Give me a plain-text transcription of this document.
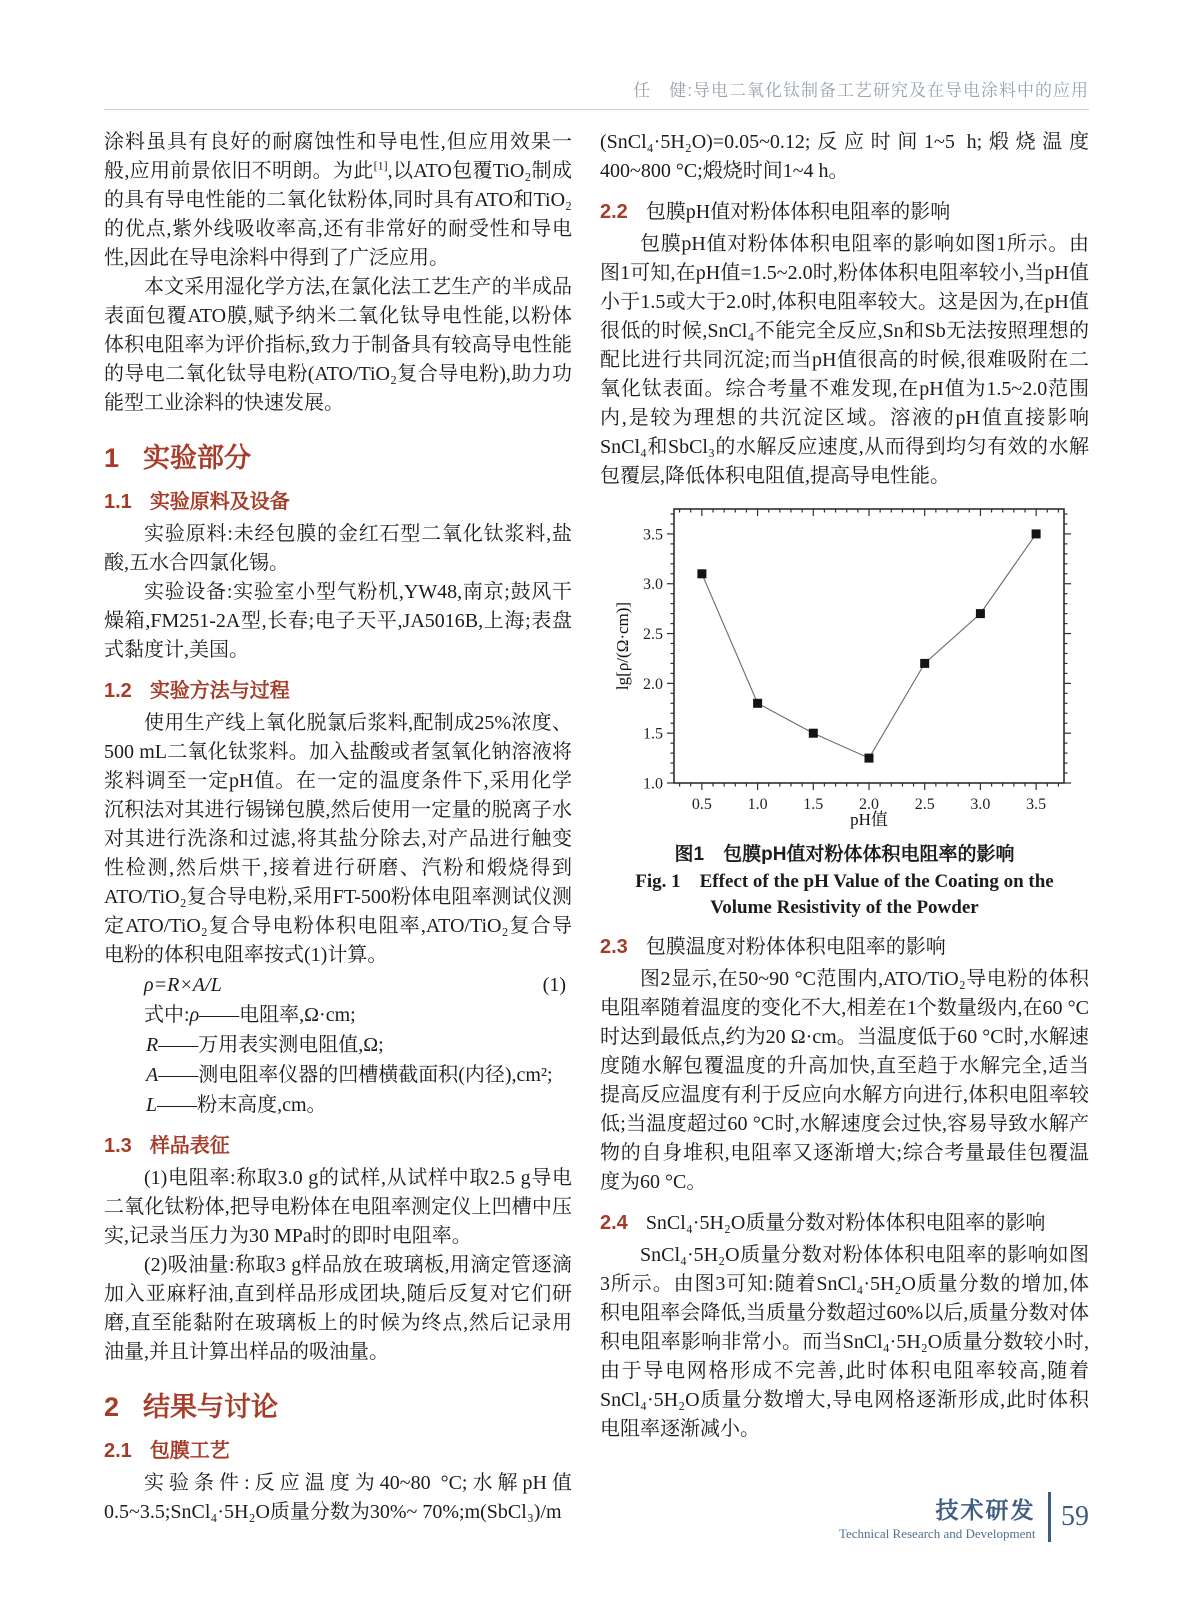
任　健:导电二氧化钛制备工艺研究及在导电涂料中的应用

涂料虽具有良好的耐腐蚀性和导电性,但应用效果一般,应用前景依旧不明朗。为此[1],以ATO包覆TiO₂制成的具有导电性能的二氧化钛粉体,同时具有ATO和TiO₂的优点,紫外线吸收率高,还有非常好的耐受性和导电性,因此在导电涂料中得到了广泛应用。

本文采用湿化学方法,在氯化法工艺生产的半成品表面包覆ATO膜,赋予纳米二氧化钛导电性能,以粉体体积电阻率为评价指标,致力于制备具有较高导电性能的导电二氧化钛导电粉(ATO/TiO₂复合导电粉),助力功能型工业涂料的快速发展。

1 实验部分
1.1 实验原料及设备

实验原料:未经包膜的金红石型二氧化钛浆料,盐酸,五水合四氯化锡。

实验设备:实验室小型气粉机,YW48,南京;鼓风干燥箱,FM251-2A型,长春;电子天平,JA5016B,上海;表盘式黏度计,美国。

1.2 实验方法与过程

使用生产线上氧化脱氯后浆料,配制成25%浓度、500 mL二氧化钛浆料。加入盐酸或者氢氧化钠溶液将浆料调至一定pH值。在一定的温度条件下,采用化学沉积法对其进行锡锑包膜,然后使用一定量的脱离子水对其进行洗涤和过滤,将其盐分除去,对产品进行触变性检测,然后烘干,接着进行研磨、汽粉和煅烧得到ATO/TiO₂复合导电粉,采用FT-500粉体电阻率测试仪测定ATO/TiO₂复合导电粉体积电阻率,ATO/TiO₂复合导电粉的体积电阻率按式(1)计算。

ρ=R×A/L	(1)
式中:ρ——电阻率,Ω·cm;
R——万用表实测电阻值,Ω;
A——测电阻率仪器的凹槽横截面积(内径),cm²;
L——粉末高度,cm。
1.3 样品表征

(1)电阻率:称取3.0 g的试样,从试样中取2.5 g导电二氧化钛粉体,把导电粉体在电阻率测定仪上凹槽中压实,记录当压力为30 MPa时的即时电阻率。

(2)吸油量:称取3 g样品放在玻璃板,用滴定管逐滴加入亚麻籽油,直到样品形成团块,随后反复对它们研磨,直至能黏附在玻璃板上的时候为终点,然后记录用油量,并且计算出样品的吸油量。

2 结果与讨论
2.1 包膜工艺

实验条件:反应温度为40~80 °C;水解pH值0.5~3.5;SnCl₄·5H₂O质量分数为30%~ 70%;m(SbCl₃)/m

(SnCl₄·5H₂O)=0.05~0.12;反应时间1~5 h;煅烧温度400~800 °C;煅烧时间1~4 h。

2.2 包膜pH值对粉体体积电阻率的影响

包膜pH值对粉体体积电阻率的影响如图1所示。由图1可知,在pH值=1.5~2.0时,粉体体积电阻率较小,当pH值小于1.5或大于2.0时,体积电阻率较大。这是因为,在pH值很低的时候,SnCl₄不能完全反应,Sn和Sb无法按照理想的配比进行共同沉淀;而当pH值很高的时候,很难吸附在二氧化钛表面。综合考量不难发现,在pH值为1.5~2.0范围内,是较为理想的共沉淀区域。溶液的pH值直接影响SnCl₄和SbCl₃的水解反应速度,从而得到均匀有效的水解包覆层,降低体积电阻值,提高导电性能。

0.5 1.0 1.5 2.0 2.5 3.0 3.5
1.0
1.5
2.0
2.5
3.0
3.5
pH值
lg[ρ/(Ω·cm)]
图1　包膜pH值对粉体体积电阻率的影响
Fig. 1　Effect of the pH Value of the Coating on the Volume Resistivity of the Powder
2.3 包膜温度对粉体体积电阻率的影响

图2显示,在50~90 °C范围内,ATO/TiO₂导电粉的体积电阻率随着温度的变化不大,相差在1个数量级内,在60 °C时达到最低点,约为20 Ω·cm。当温度低于60 °C时,水解速度随水解包覆温度的升高加快,直至趋于水解完全,适当提高反应温度有利于反应向水解方向进行,体积电阻率较低;当温度超过60 °C时,水解速度会过快,容易导致水解产物的自身堆积,电阻率又逐渐增大;综合考量最佳包覆温度为60 °C。

2.4 SnCl₄·5H₂O质量分数对粉体体积电阻率的影响

SnCl₄·5H₂O质量分数对粉体体积电阻率的影响如图3所示。由图3可知:随着SnCl₄·5H₂O质量分数的增加,体积电阻率会降低,当质量分数超过60%以后,质量分数对体积电阻率影响非常小。而当SnCl₄·5H₂O质量分数较小时,由于导电网格形成不完善,此时体积电阻率较高,随着SnCl₄·5H₂O质量分数增大,导电网格逐渐形成,此时体积电阻率逐渐减小。

技术研发
Technical Research and Development
59
